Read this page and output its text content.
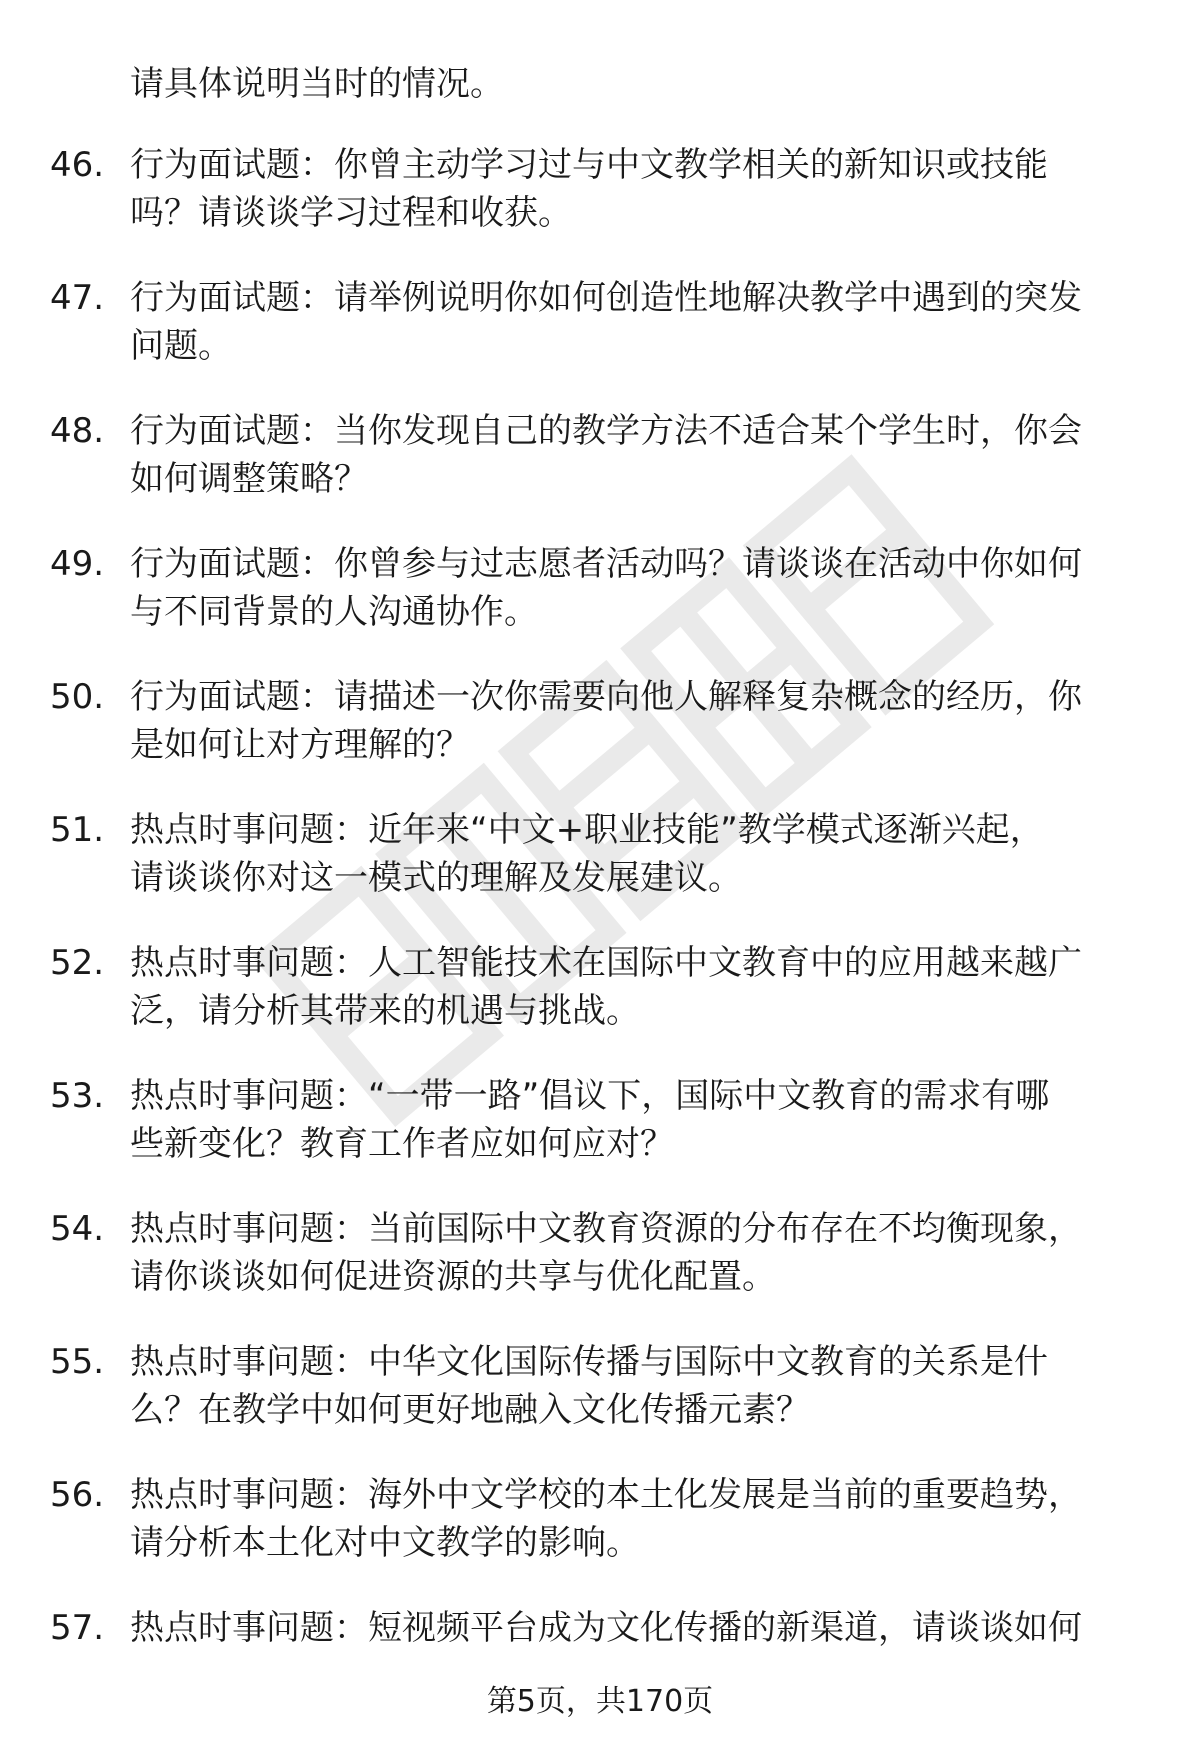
请具体说明当时的情况。
46. 行为面试题：你曾主动学习过与中文教学相关的新知识或技能
吗？请谈谈学习过程和收获。
47. 行为面试题：请举例说明你如何创造性地解决教学中遇到的突发
问题。
48. 行为面试题：当你发现自己的教学方法不适合某个学生时，你会
如何调整策略？
49. 行为面试题：你曾参与过志愿者活动吗？请谈谈在活动中你如何
与不同背景的人沟通协作。
50. 行为面试题：请描述一次你需要向他人解释复杂概念的经历，你
是如何让对方理解的？
51. 热点时事问题：近年来“中文+职业技能”教学模式逐渐兴起，
请谈谈你对这一模式的理解及发展建议。
52. 热点时事问题：人工智能技术在国际中文教育中的应用越来越广
泛，请分析其带来的机遇与挑战。
53. 热点时事问题：“一带一路”倡议下，国际中文教育的需求有哪
些新变化？教育工作者应如何应对？
54. 热点时事问题：当前国际中文教育资源的分布存在不均衡现象，
请你谈谈如何促进资源的共享与优化配置。
55. 热点时事问题：中华文化国际传播与国际中文教育的关系是什
么？在教学中如何更好地融入文化传播元素？
56. 热点时事问题：海外中文学校的本土化发展是当前的重要趋势，
请分析本土化对中文教学的影响。
57. 热点时事问题：短视频平台成为文化传播的新渠道，请谈谈如何
第5页，共170页
